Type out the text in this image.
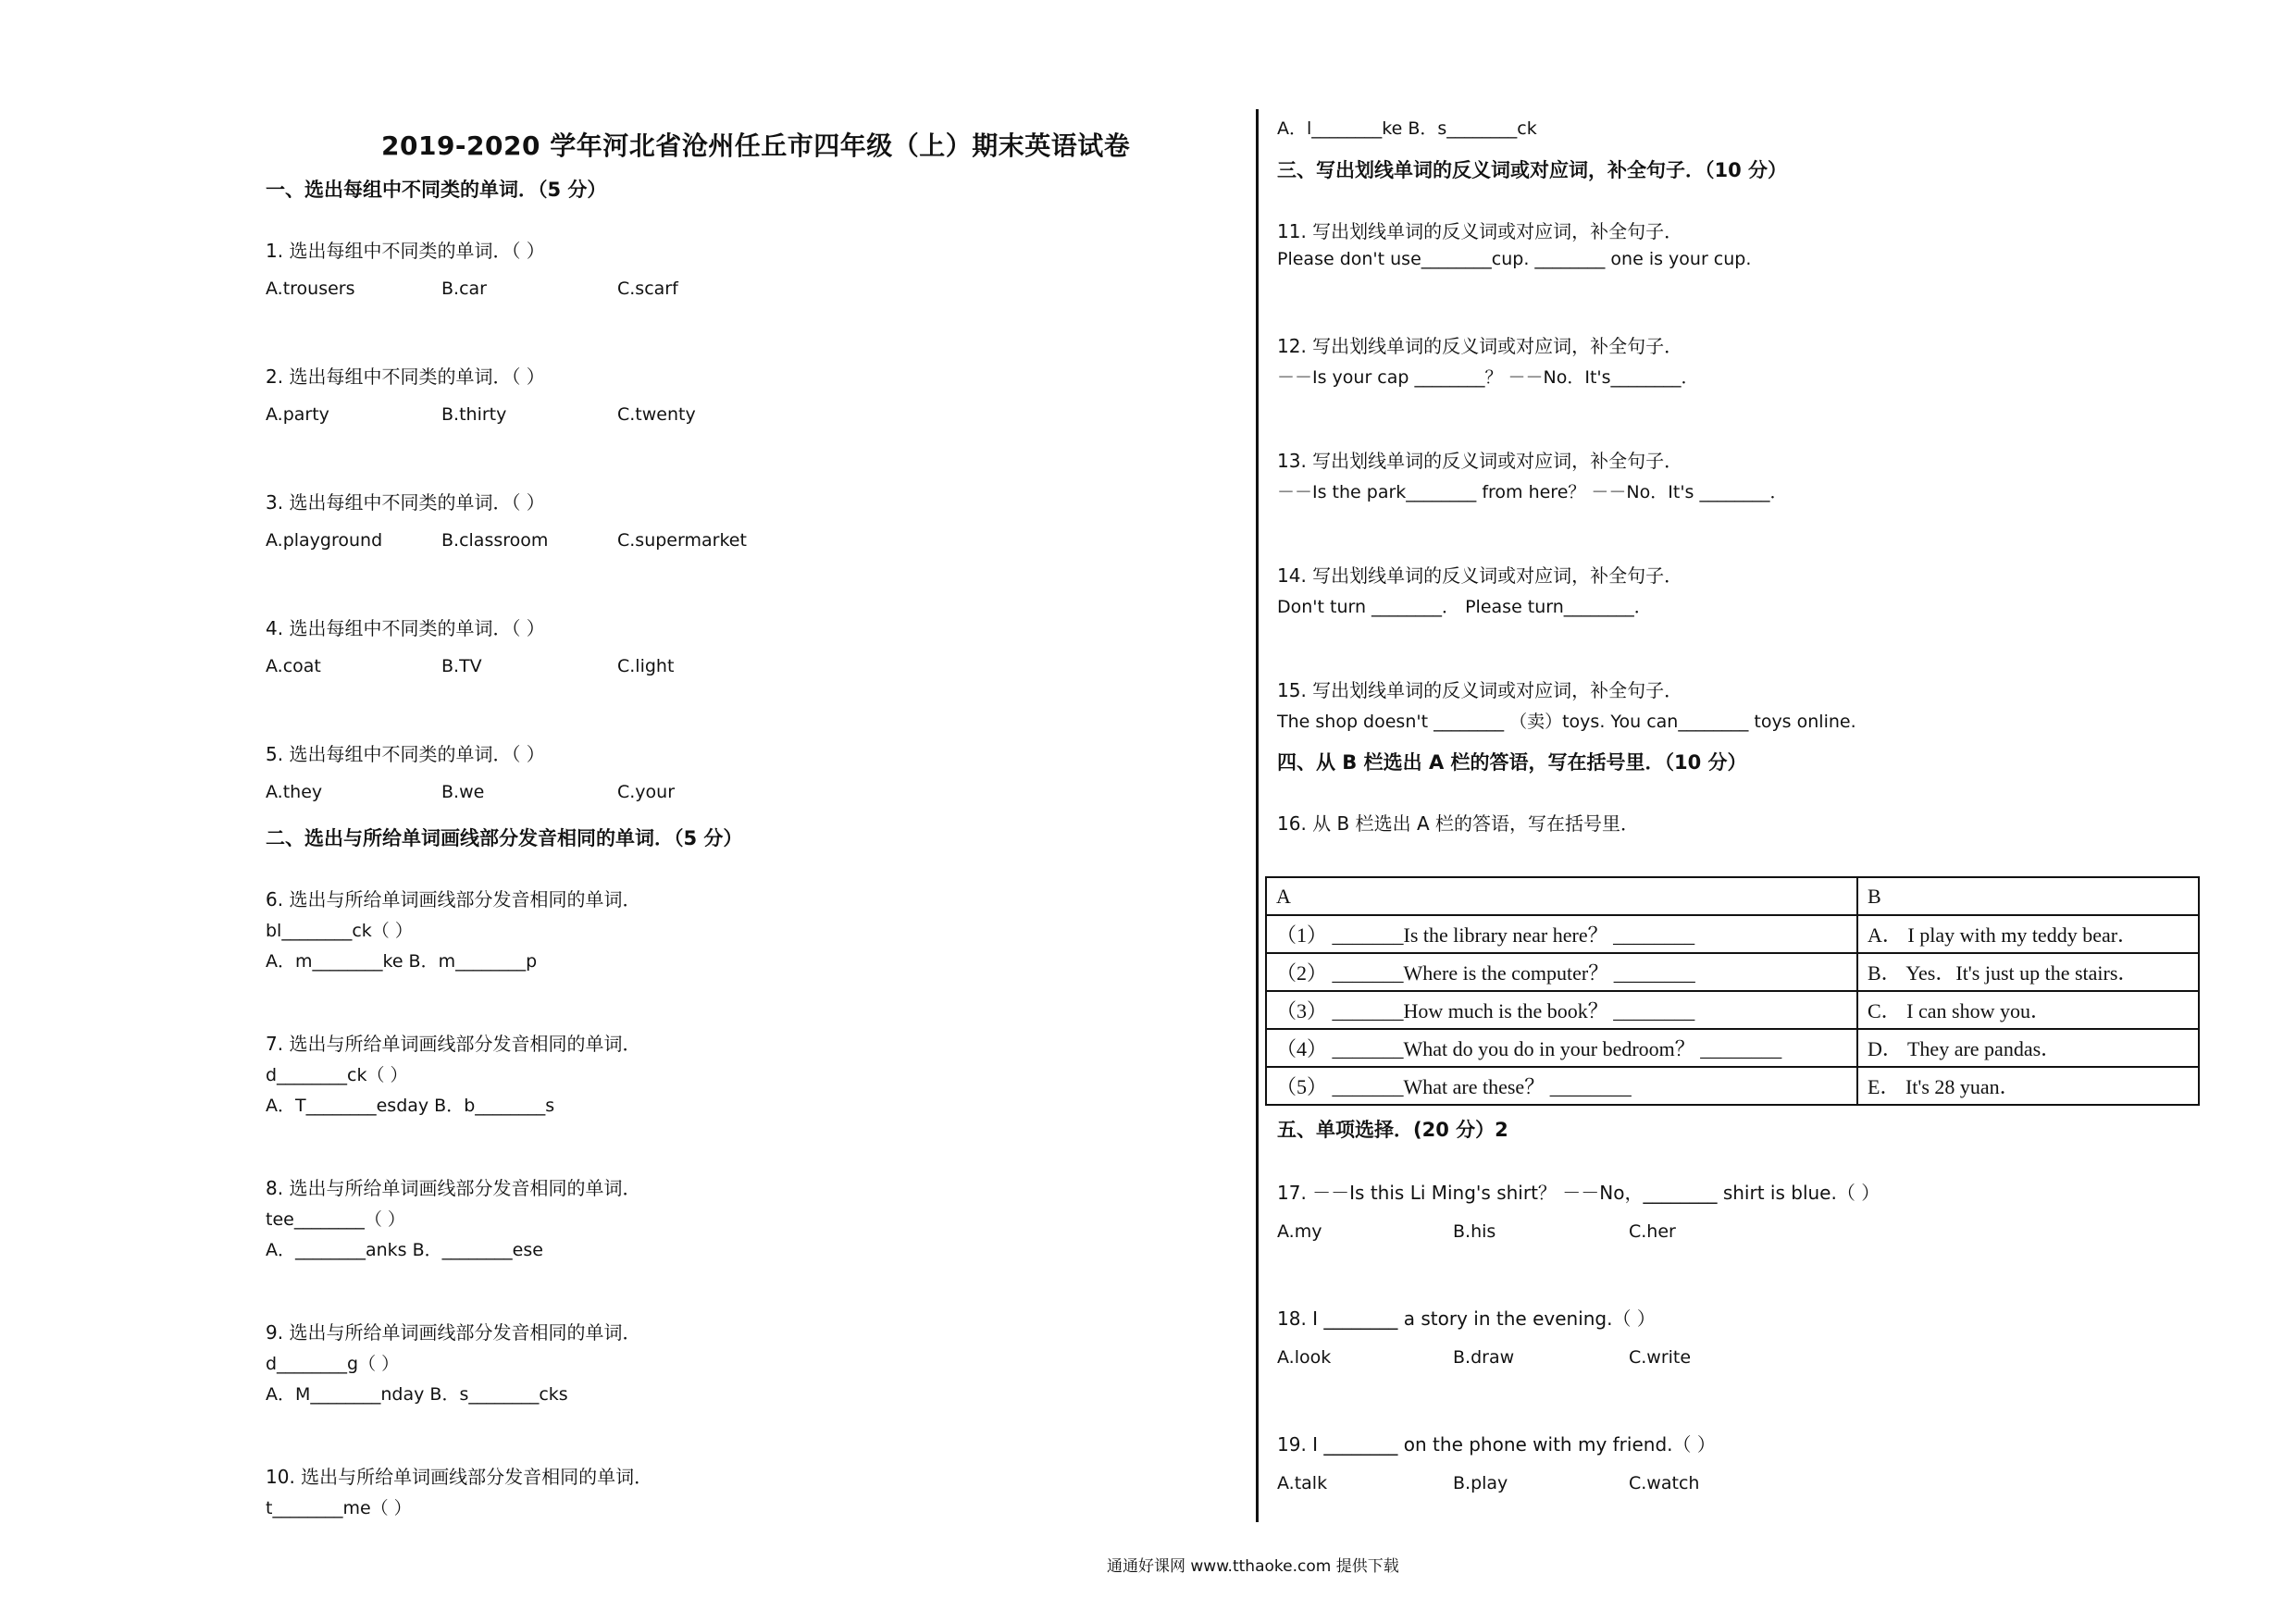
2019-2020 学年河北省沧州任丘市四年级（上）期末英语试卷
一、选出每组中不同类的单词．（5 分）
1. 选出每组中不同类的单词．（ ）
A.trousers	B.car	C.scarf
2. 选出每组中不同类的单词．（ ）
A.party	B.thirty	C.twenty
3. 选出每组中不同类的单词．（ ）
A.playground	B.classroom	C.supermarket
4. 选出每组中不同类的单词．（ ）
A.coat	B.TV	C.light
5. 选出每组中不同类的单词．（ ）
A.they	B.we	C.your
二、选出与所给单词画线部分发音相同的单词．（5 分）
6. 选出与所给单词画线部分发音相同的单词．
bl________ck（ ）
A．m________ke B．m________p
7. 选出与所给单词画线部分发音相同的单词．
d________ck（ ）
A．T________esday B．b________s
8. 选出与所给单词画线部分发音相同的单词．
tee________（ ）
A．________anks B．________ese
9. 选出与所给单词画线部分发音相同的单词．
d________g（ ）
A．M________nday B．s________cks
10. 选出与所给单词画线部分发音相同的单词．
t________me（ ）
A．l________ke B．s________ck
三、写出划线单词的反义词或对应词，补全句子．（10 分）
11. 写出划线单词的反义词或对应词，补全句子．
Please don't use________cup. ________ one is your cup.
12. 写出划线单词的反义词或对应词，补全句子．
－－Is your cap ________？ －－No．It's________．
13. 写出划线单词的反义词或对应词，补全句子．
－－Is the park________ from here？ －－No．It's ________．
14. 写出划线单词的反义词或对应词，补全句子．
Don't turn ________． Please turn________．
15. 写出划线单词的反义词或对应词，补全句子．
The shop doesn't ________ （卖）toys. You can________ toys online.
四、从 B 栏选出 A 栏的答语，写在括号里．（10 分）
16. 从 B 栏选出 A 栏的答语，写在括号里．
A	B
（1） _______Is the library near here？ ________	A． I play with my teddy bear．
（2） _______Where is the computer？ ________	B． Yes．It's just up the stairs．
（3） _______How much is the book？ ________	C． I can show you．
（4） _______What do you do in your bedroom？ ________	D． They are pandas．
（5） _______What are these？ ________	E． It's 28 yuan．
五、单项选择．(20 分）2
17. －－Is this Li Ming's shirt？ －－No，________ shirt is blue.（ ）
A.my	B.his	C.her
18. I ________ a story in the evening.（ ）
A.look	B.draw	C.write
19. I ________ on the phone with my friend.（ ）
A.talk	B.play	C.watch
通通好课网 www.tthaoke.com 提供下载
